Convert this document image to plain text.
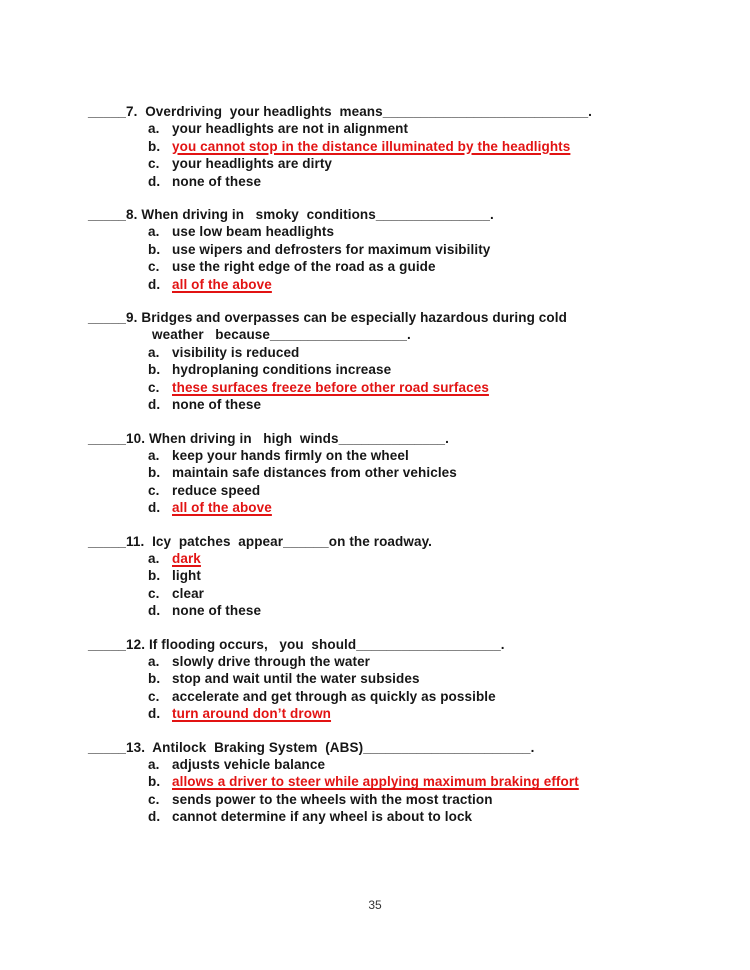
_____7.  Overdriving  your headlights  means___________________________.
a. your headlights are not in alignment
b. you cannot stop in the distance illuminated by the headlights
c. your headlights are dirty
d. none of these
_____8. When driving in   smoky  conditions_______________.
a. use low beam headlights
b. use wipers and defrosters for maximum visibility
c. use the right edge of the road as a guide
d. all of the above
_____9. Bridges and overpasses can be especially hazardous during cold
weather   because__________________.
a. visibility is reduced
b. hydroplaning conditions increase
c. these surfaces freeze before other road surfaces
d. none of these
_____10. When driving in   high  winds______________.
a. keep your hands firmly on the wheel
b. maintain safe distances from other vehicles
c. reduce speed
d. all of the above
_____11.  Icy  patches  appear______on the roadway.
a. dark
b. light
c. clear
d. none of these
_____12. If flooding occurs,   you  should___________________.
a. slowly drive through the water
b. stop and wait until the water subsides
c. accelerate and get through as quickly as possible
d. turn around don’t drown
_____13.  Antilock  Braking System  (ABS)______________________.
a. adjusts vehicle balance
b. allows a driver to steer while applying maximum braking effort
c. sends power to the wheels with the most traction
d. cannot determine if any wheel is about to lock
35
